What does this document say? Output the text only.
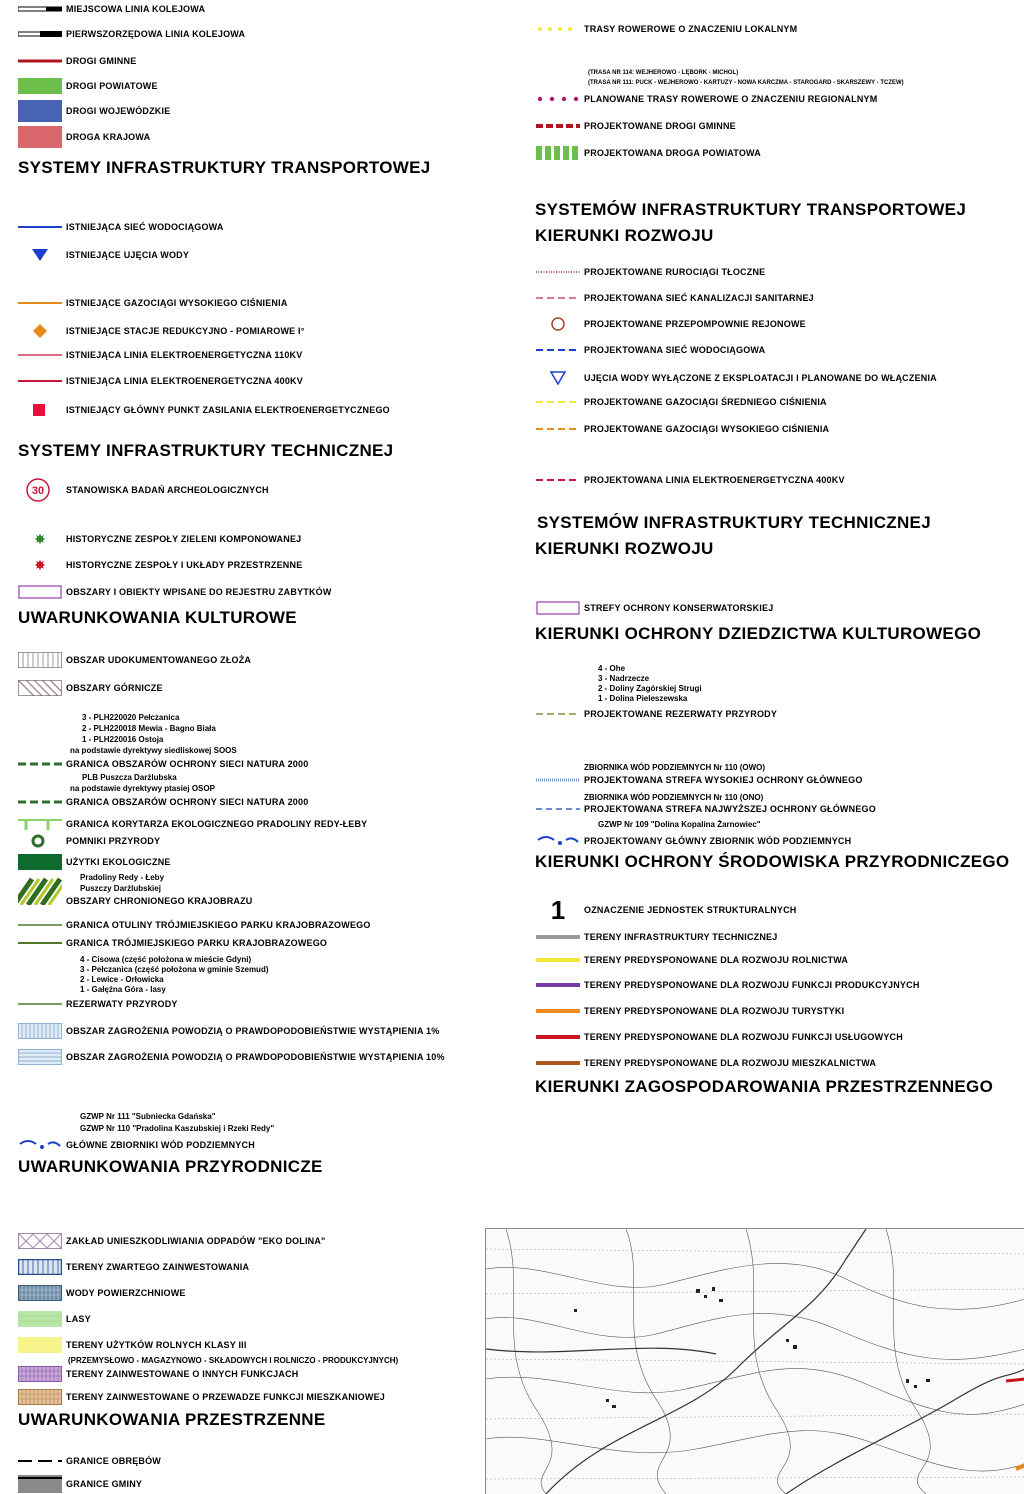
MIEJSCOWA LINIA KOLEJOWA
PIERWSZORZĘDOWA LINIA KOLEJOWA
DROGI GMINNE
DROGI POWIATOWE
DROGI WOJEWÓDZKIE
DROGA KRAJOWA
SYSTEMY INFRASTRUKTURY TRANSPORTOWEJ
ISTNIEJĄCA SIEĆ WODOCIĄGOWA
ISTNIEJĄCE UJĘCIA WODY
ISTNIEJĄCE GAZOCIĄGI WYSOKIEGO CIŚNIENIA
ISTNIEJĄCE STACJE REDUKCYJNO - POMIAROWE I°
ISTNIEJĄCA LINIA ELEKTROENERGETYCZNA 110KV
ISTNIEJĄCA LINIA ELEKTROENERGETYCZNA 400KV
ISTNIEJĄCY GŁÓWNY PUNKT ZASILANIA ELEKTROENERGETYCZNEGO
SYSTEMY INFRASTRUKTURY TECHNICZNEJ
30 STANOWISKA BADAŃ ARCHEOLOGICZNYCH
✸ HISTORYCZNE ZESPOŁY ZIELENI KOMPONOWANEJ
✸ HISTORYCZNE ZESPOŁY I UKŁADY PRZESTRZENNE
OBSZARY I OBIEKTY WPISANE DO REJESTRU ZABYTKÓW
UWARUNKOWANIA KULTUROWE
OBSZAR UDOKUMENTOWANEGO ZŁOŻA
OBSZARY GÓRNICZE
3 - PLH220020 Pełczanica
2 - PLH220018 Mewia - Bagno Biała
1 - PLH220016 Ostoja
na podstawie dyrektywy siedliskowej SOOS
GRANICA OBSZARÓW OCHRONY SIECI NATURA 2000
PLB Puszcza Darżlubska
na podstawie dyrektywy ptasiej OSOP
GRANICA OBSZARÓW OCHRONY SIECI NATURA 2000
GRANICA KORYTARZA EKOLOGICZNEGO PRADOLINY REDY-ŁEBY
POMNIKI PRZYRODY
UŻYTKI EKOLOGICZNE
Pradoliny Redy - Łeby
Puszczy Darżlubskiej
OBSZARY CHRONIONEGO KRAJOBRAZU
GRANICA OTULINY TRÓJMIEJSKIEGO PARKU KRAJOBRAZOWEGO
GRANICA TRÓJMIEJSKIEGO PARKU KRAJOBRAZOWEGO
4 - Cisowa (część położona w mieście Gdyni)
3 - Pełczanica (część położona w gminie Szemud)
2 - Lewice - Orłowicka
1 - Gałęźna Góra - lasy
REZERWATY PRZYRODY
OBSZAR ZAGROŻENIA POWODZIĄ O PRAWDOPODOBIEŃSTWIE WYSTĄPIENIA 1%
OBSZAR ZAGROŻENIA POWODZIĄ O PRAWDOPODOBIEŃSTWIE WYSTĄPIENIA 10%
GZWP Nr 111 "Subniecka Gdańska"
GZWP Nr 110 "Pradolina Kaszubskiej i Rzeki Redy"
GŁÓWNE ZBIORNIKI WÓD PODZIEMNYCH
UWARUNKOWANIA PRZYRODNICZE
ZAKŁAD UNIESZKODLIWIANIA ODPADÓW "EKO DOLINA"
TERENY ZWARTEGO ZAINWESTOWANIA
WODY POWIERZCHNIOWE
LASY
TERENY UŻYTKÓW ROLNYCH KLASY III
(PRZEMYSŁOWO - MAGAZYNOWO - SKŁADOWYCH I ROLNICZO - PRODUKCYJNYCH)
TERENY ZAINWESTOWANE O INNYCH FUNKCJACH
TERENY ZAINWESTOWANE O PRZEWADZE FUNKCJI MIESZKANIOWEJ
UWARUNKOWANIA PRZESTRZENNE
GRANICE OBRĘBÓW
GRANICE GMINY
TRASY ROWEROWE O ZNACZENIU LOKALNYM
(TRASA NR 114: WEJHEROWO - LĘBORK - MICHOL)
(TRASA NR 111: PUCK - WEJHEROWO - KARTUZY - NOWA KARCZMA - STAROGARD - SKARSZEWY - TCZEW)
PLANOWANE TRASY ROWEROWE O ZNACZENIU REGIONALNYM
PROJEKTOWANE DROGI GMINNE
PROJEKTOWANA DROGA POWIATOWA
SYSTEMÓW INFRASTRUKTURY TRANSPORTOWEJ
KIERUNKI ROZWOJU
PROJEKTOWANE RUROCIĄGI TŁOCZNE
PROJEKTOWANA SIEĆ KANALIZACJI SANITARNEJ
PROJEKTOWANE PRZEPOMPOWNIE REJONOWE
PROJEKTOWANA SIEĆ WODOCIĄGOWA
UJĘCIA WODY WYŁĄCZONE Z EKSPLOATACJI I PLANOWANE DO WŁĄCZENIA
PROJEKTOWANE GAZOCIĄGI ŚREDNIEGO CIŚNIENIA
PROJEKTOWANE GAZOCIĄGI WYSOKIEGO CIŚNIENIA
PROJEKTOWANA LINIA ELEKTROENERGETYCZNA 400KV
SYSTEMÓW INFRASTRUKTURY TECHNICZNEJ
KIERUNKI ROZWOJU
STREFY OCHRONY KONSERWATORSKIEJ
KIERUNKI OCHRONY DZIEDZICTWA KULTUROWEGO
4 - Ohe
3 - Nadrzecze
2 - Doliny Zagórskiej Strugi
1 - Dolina Pieleszewska
PROJEKTOWANE REZERWATY PRZYRODY
PROJEKTOWANA STREFA WYSOKIEJ OCHRONY GŁÓWNEGO
ZBIORNIKA WÓD PODZIEMNYCH Nr 110 (OWO)
PROJEKTOWANA STREFA NAJWYŻSZEJ OCHRONY GŁÓWNEGO
ZBIORNIKA WÓD PODZIEMNYCH Nr 110 (ONO)
GZWP Nr 109 "Dolina Kopalina Żarnowiec"
PROJEKTOWANY GŁÓWNY ZBIORNIK WÓD PODZIEMNYCH
KIERUNKI OCHRONY ŚRODOWISKA PRZYRODNICZEGO
1 OZNACZENIE JEDNOSTEK STRUKTURALNYCH
TERENY INFRASTRUKTURY TECHNICZNEJ
TERENY PREDYSPONOWANE DLA ROZWOJU ROLNICTWA
TERENY PREDYSPONOWANE DLA ROZWOJU FUNKCJI PRODUKCYJNYCH
TERENY PREDYSPONOWANE DLA ROZWOJU TURYSTYKI
TERENY PREDYSPONOWANE DLA ROZWOJU FUNKCJI USŁUGOWYCH
TERENY PREDYSPONOWANE DLA ROZWOJU MIESZKALNICTWA
KIERUNKI ZAGOSPODAROWANIA PRZESTRZENNEGO
